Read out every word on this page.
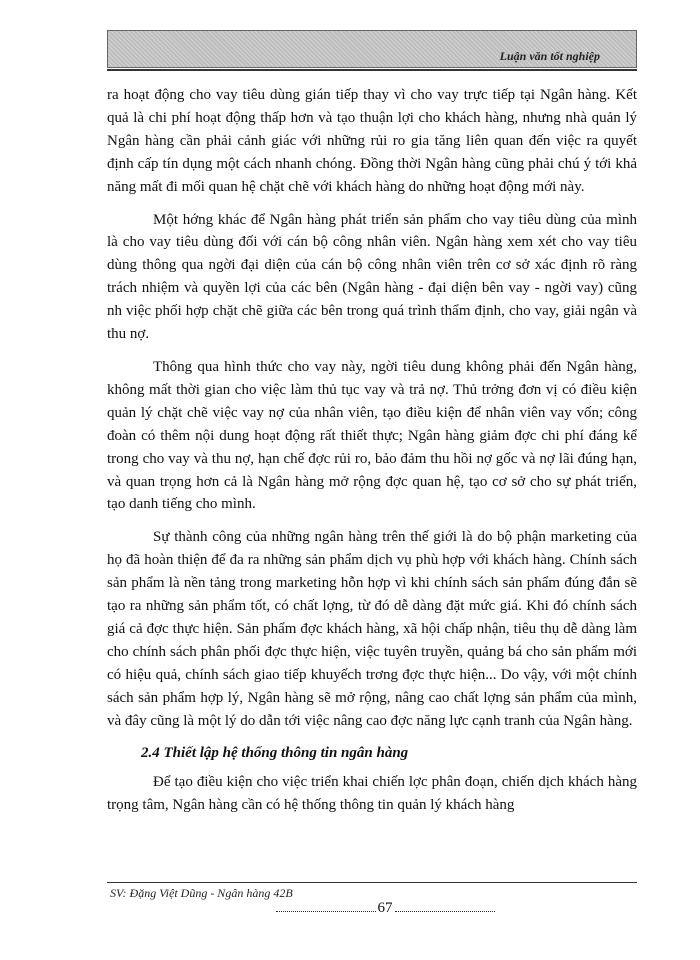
Luận văn tốt nghiệp

ra hoạt động cho vay tiêu dùng gián tiếp thay vì cho vay trực tiếp tại Ngân hàng. Kết quả là chi phí hoạt động thấp hơn và tạo thuận lợi cho khách hàng, nhưng nhà quản lý Ngân hàng cần phải cảnh giác với những rủi ro gia tăng liên quan đến việc ra quyết định cấp tín dụng một cách nhanh chóng. Đồng thời Ngân hàng cũng phải chú ý tới khả năng mất đi mối quan hệ chặt chẽ với khách hàng do những hoạt động mới này.

Một hớng khác để Ngân hàng phát triển sản phẩm cho vay tiêu dùng của mình là cho vay tiêu dùng đối với cán bộ công nhân viên. Ngân hàng xem xét cho vay tiêu dùng thông qua ngời đại diện của cán bộ công nhân viên trên cơ sở xác định rõ ràng trách nhiệm và quyền lợi của các bên (Ngân hàng - đại diện bên vay - ngời vay) cũng nh việc phối hợp chặt chẽ giữa các bên trong quá trình thẩm định, cho vay, giải ngân và thu nợ.

Thông qua hình thức cho vay này, ngời tiêu dung không phải đến Ngân hàng, không mất thời gian cho việc làm thủ tục vay và trả nợ. Thủ trởng đơn vị có điều kiện quản lý chặt chẽ việc vay nợ của nhân viên, tạo điều kiện để nhân viên vay vốn; công đoàn có thêm nội dung hoạt động rất thiết thực; Ngân hàng giảm đợc chi phí đáng kể trong cho vay và thu nợ, hạn chế đợc rủi ro, bảo đảm thu hồi nợ gốc và nợ lãi đúng hạn, và quan trọng hơn cả là Ngân hàng mở rộng đợc quan hệ, tạo cơ sở cho sự phát triển, tạo danh tiếng cho mình.

Sự thành công của những ngân hàng trên thế giới là do bộ phận marketing của họ đã hoàn thiện để đa ra những sản phẩm dịch vụ phù hợp với khách hàng. Chính sách sản phẩm là nền tảng trong marketing hỗn hợp vì khi chính sách sản phẩm đúng đắn sẽ tạo ra những sản phẩm tốt, có chất lợng, từ đó dễ dàng đặt mức giá. Khi đó chính sách giá cả đợc thực hiện. Sản phẩm đợc khách hàng, xã hội chấp nhận, tiêu thụ dễ dàng làm cho chính sách phân phối đợc thực hiện, việc tuyên truyền, quảng bá cho sản phẩm mới có hiệu quả, chính sách giao tiếp khuyếch trơng đợc thực hiện... Do vậy, với một chính sách sản phẩm hợp lý, Ngân hàng sẽ mở rộng, nâng cao chất lợng sản phẩm của mình, và đây cũng là một lý do dẫn tới việc nâng cao đợc năng lực cạnh tranh của Ngân hàng.

2.4 Thiết lập hệ thống thông tin ngân hàng

Để tạo điều kiện cho việc triển khai chiến lợc phân đoạn, chiến dịch khách hàng trọng tâm, Ngân hàng cần có hệ thống thông tin quản lý khách hàng

SV: Đặng Việt Dũng - Ngân hàng 42B
67
